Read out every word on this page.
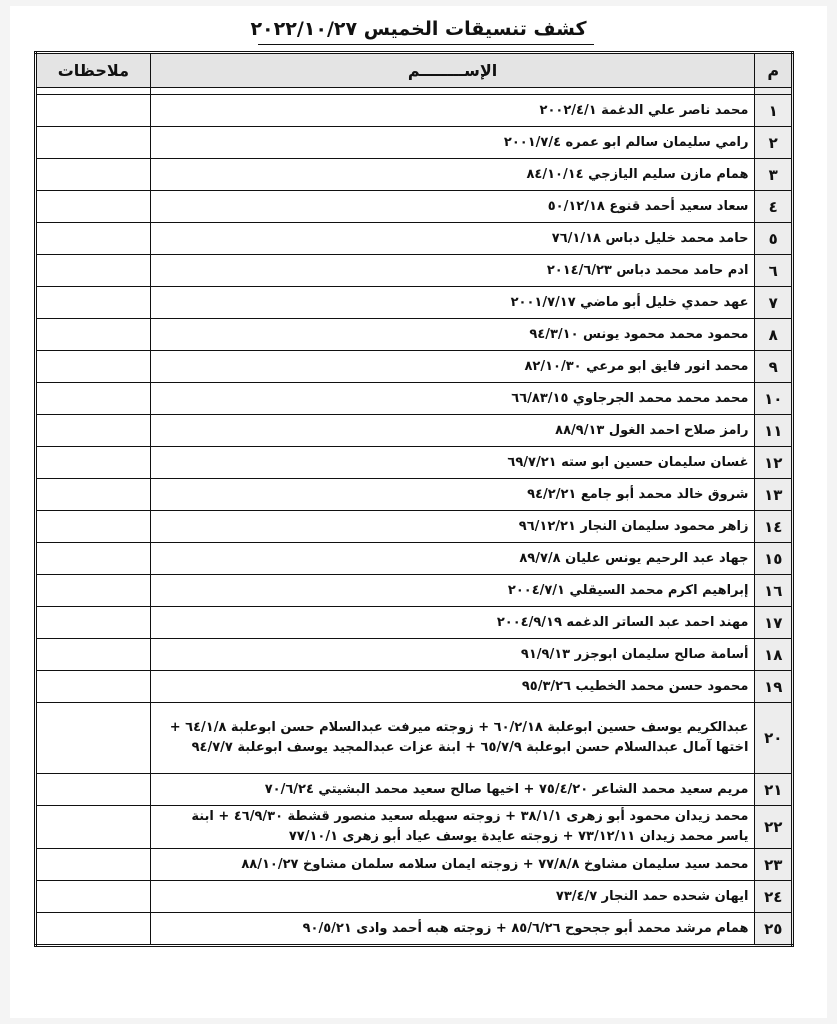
كشف تنسيقات الخميس ٢٠٢٢/١٠/٢٧
م	الإســــــــم	ملاحظات

١	محمد ناصر علي الدغمة ٢٠٠٢/٤/١	
٢	رامي سليمان سالم ابو عمره ٢٠٠١/٧/٤	
٣	همام مازن سليم اليازجي ٨٤/١٠/١٤	
٤	سعاد سعيد أحمد قنوع ٥٠/١٢/١٨	
٥	حامد محمد خليل دباس ٧٦/١/١٨	
٦	ادم حامد محمد دباس ٢٠١٤/٦/٢٣	
٧	عهد حمدي خليل أبو ماضي ٢٠٠١/٧/١٧	
٨	محمود محمد محمود يونس ٩٤/٣/١٠	
٩	محمد انور فايق ابو مرعي ٨٢/١٠/٣٠	
١٠	محمد محمد محمد الجرجاوي ٦٦/٨٣/١٥	
١١	رامز صلاح احمد الغول ٨٨/٩/١٣	
١٢	غسان سليمان حسين ابو سته ٦٩/٧/٢١	
١٣	شروق خالد محمد أبو جامع ٩٤/٢/٢١	
١٤	زاهر محمود سليمان النجار ٩٦/١٢/٢١	
١٥	جهاد عبد الرحيم يونس عليان ٨٩/٧/٨	
١٦	إبراهيم اكرم محمد السيقلي ٢٠٠٤/٧/١	
١٧	مهند احمد عبد الساتر الدغمه ٢٠٠٤/٩/١٩	
١٨	أسامة صالح سليمان ابوجزر ٩١/٩/١٣	
١٩	محمود حسن محمد الخطيب ٩٥/٣/٢٦	
٢٠	عبدالكريم يوسف حسين ابوعلبة ٦٠/٢/١٨ + زوجته ميرفت عبدالسلام حسن ابوعلبة ٦٤/١/٨ + اختها آمال عبدالسلام حسن ابوعلبة ٦٥/٧/٩ + ابنة عزات عبدالمجيد يوسف ابوعلبة ٩٤/٧/٧	
٢١	مريم سعيد محمد الشاعر ٧٥/٤/٢٠ + اخيها صالح سعيد محمد البشيتي ٧٠/٦/٢٤	
٢٢	محمد زيدان محمود أبو زهرى ٣٨/١/١ + زوجته سهيله سعيد منصور قشطة ٤٦/٩/٣٠ + ابنة ياسر محمد زيدان ٧٣/١٢/١١ + زوجته عايدة يوسف عياد أبو زهرى ٧٧/١٠/١	
٢٣	محمد سيد سليمان مشاوخ ٧٧/٨/٨ + زوجته ايمان سلامه سلمان مشاوخ ٨٨/١٠/٢٧	
٢٤	ايهان شحده حمد النجار ٧٣/٤/٧	
٢٥	همام مرشد محمد أبو ججحوح ٨٥/٦/٢٦ + زوجته هبه أحمد وادى ٩٠/٥/٢١	
